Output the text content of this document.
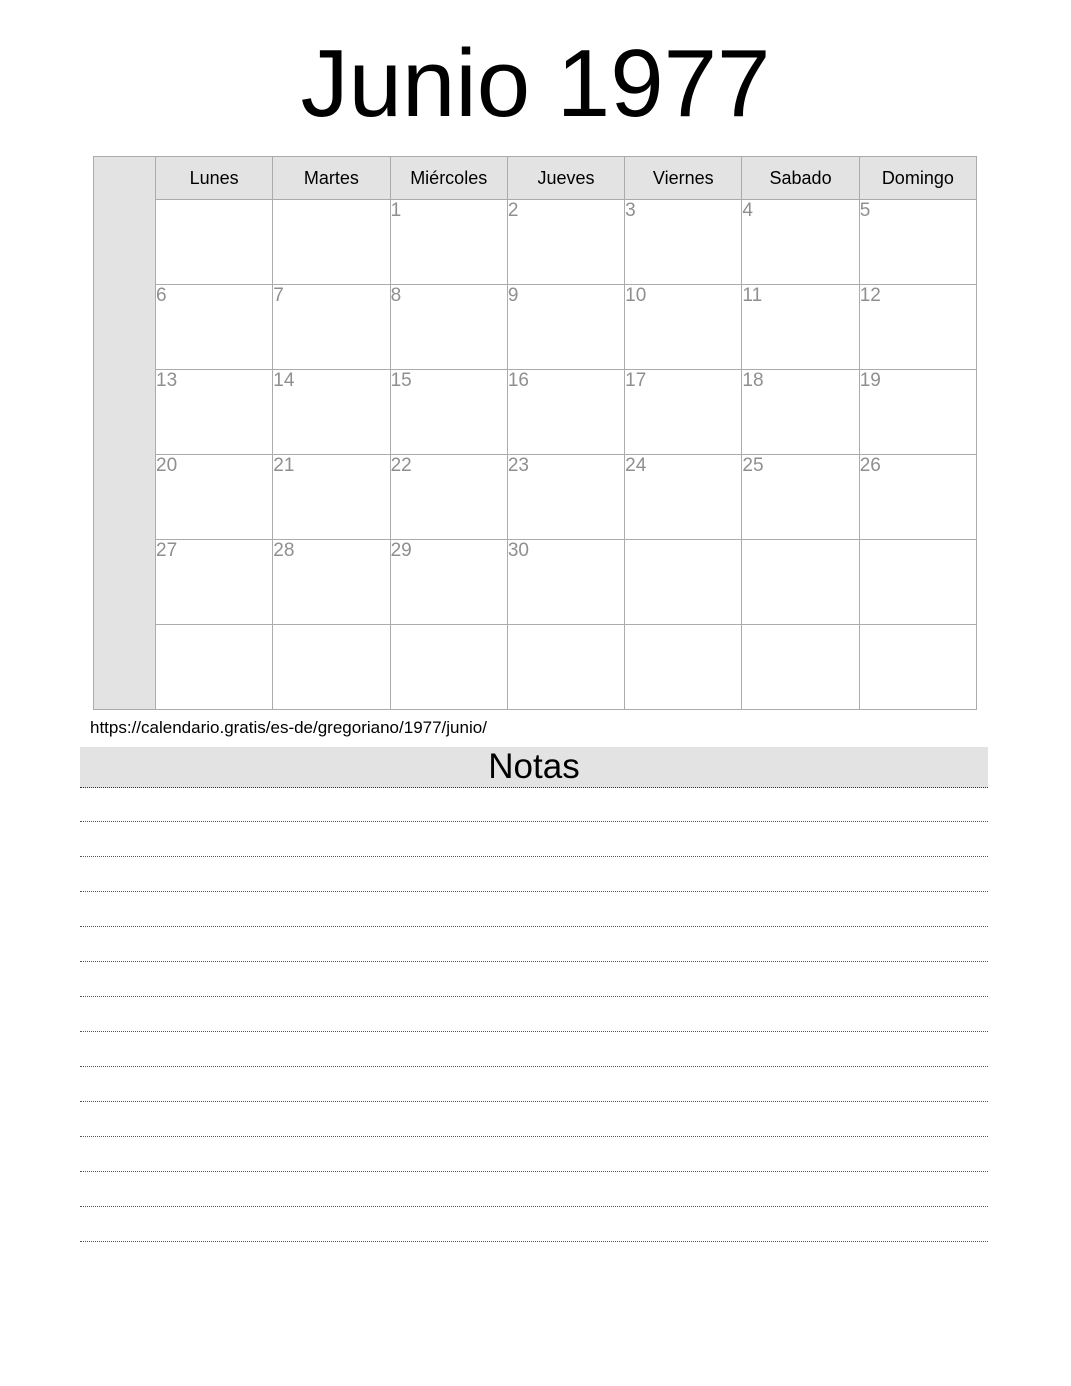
Junio 1977
	Lunes	Martes	Miércoles	Jueves	Viernes	Sabado	Domingo
			1	2	3	4	5
	6	7	8	9	10	11	12
	13	14	15	16	17	18	19
	20	21	22	23	24	25	26
	27	28	29	30			

https://calendario.gratis/es-de/gregoriano/1977/junio/

Notas
